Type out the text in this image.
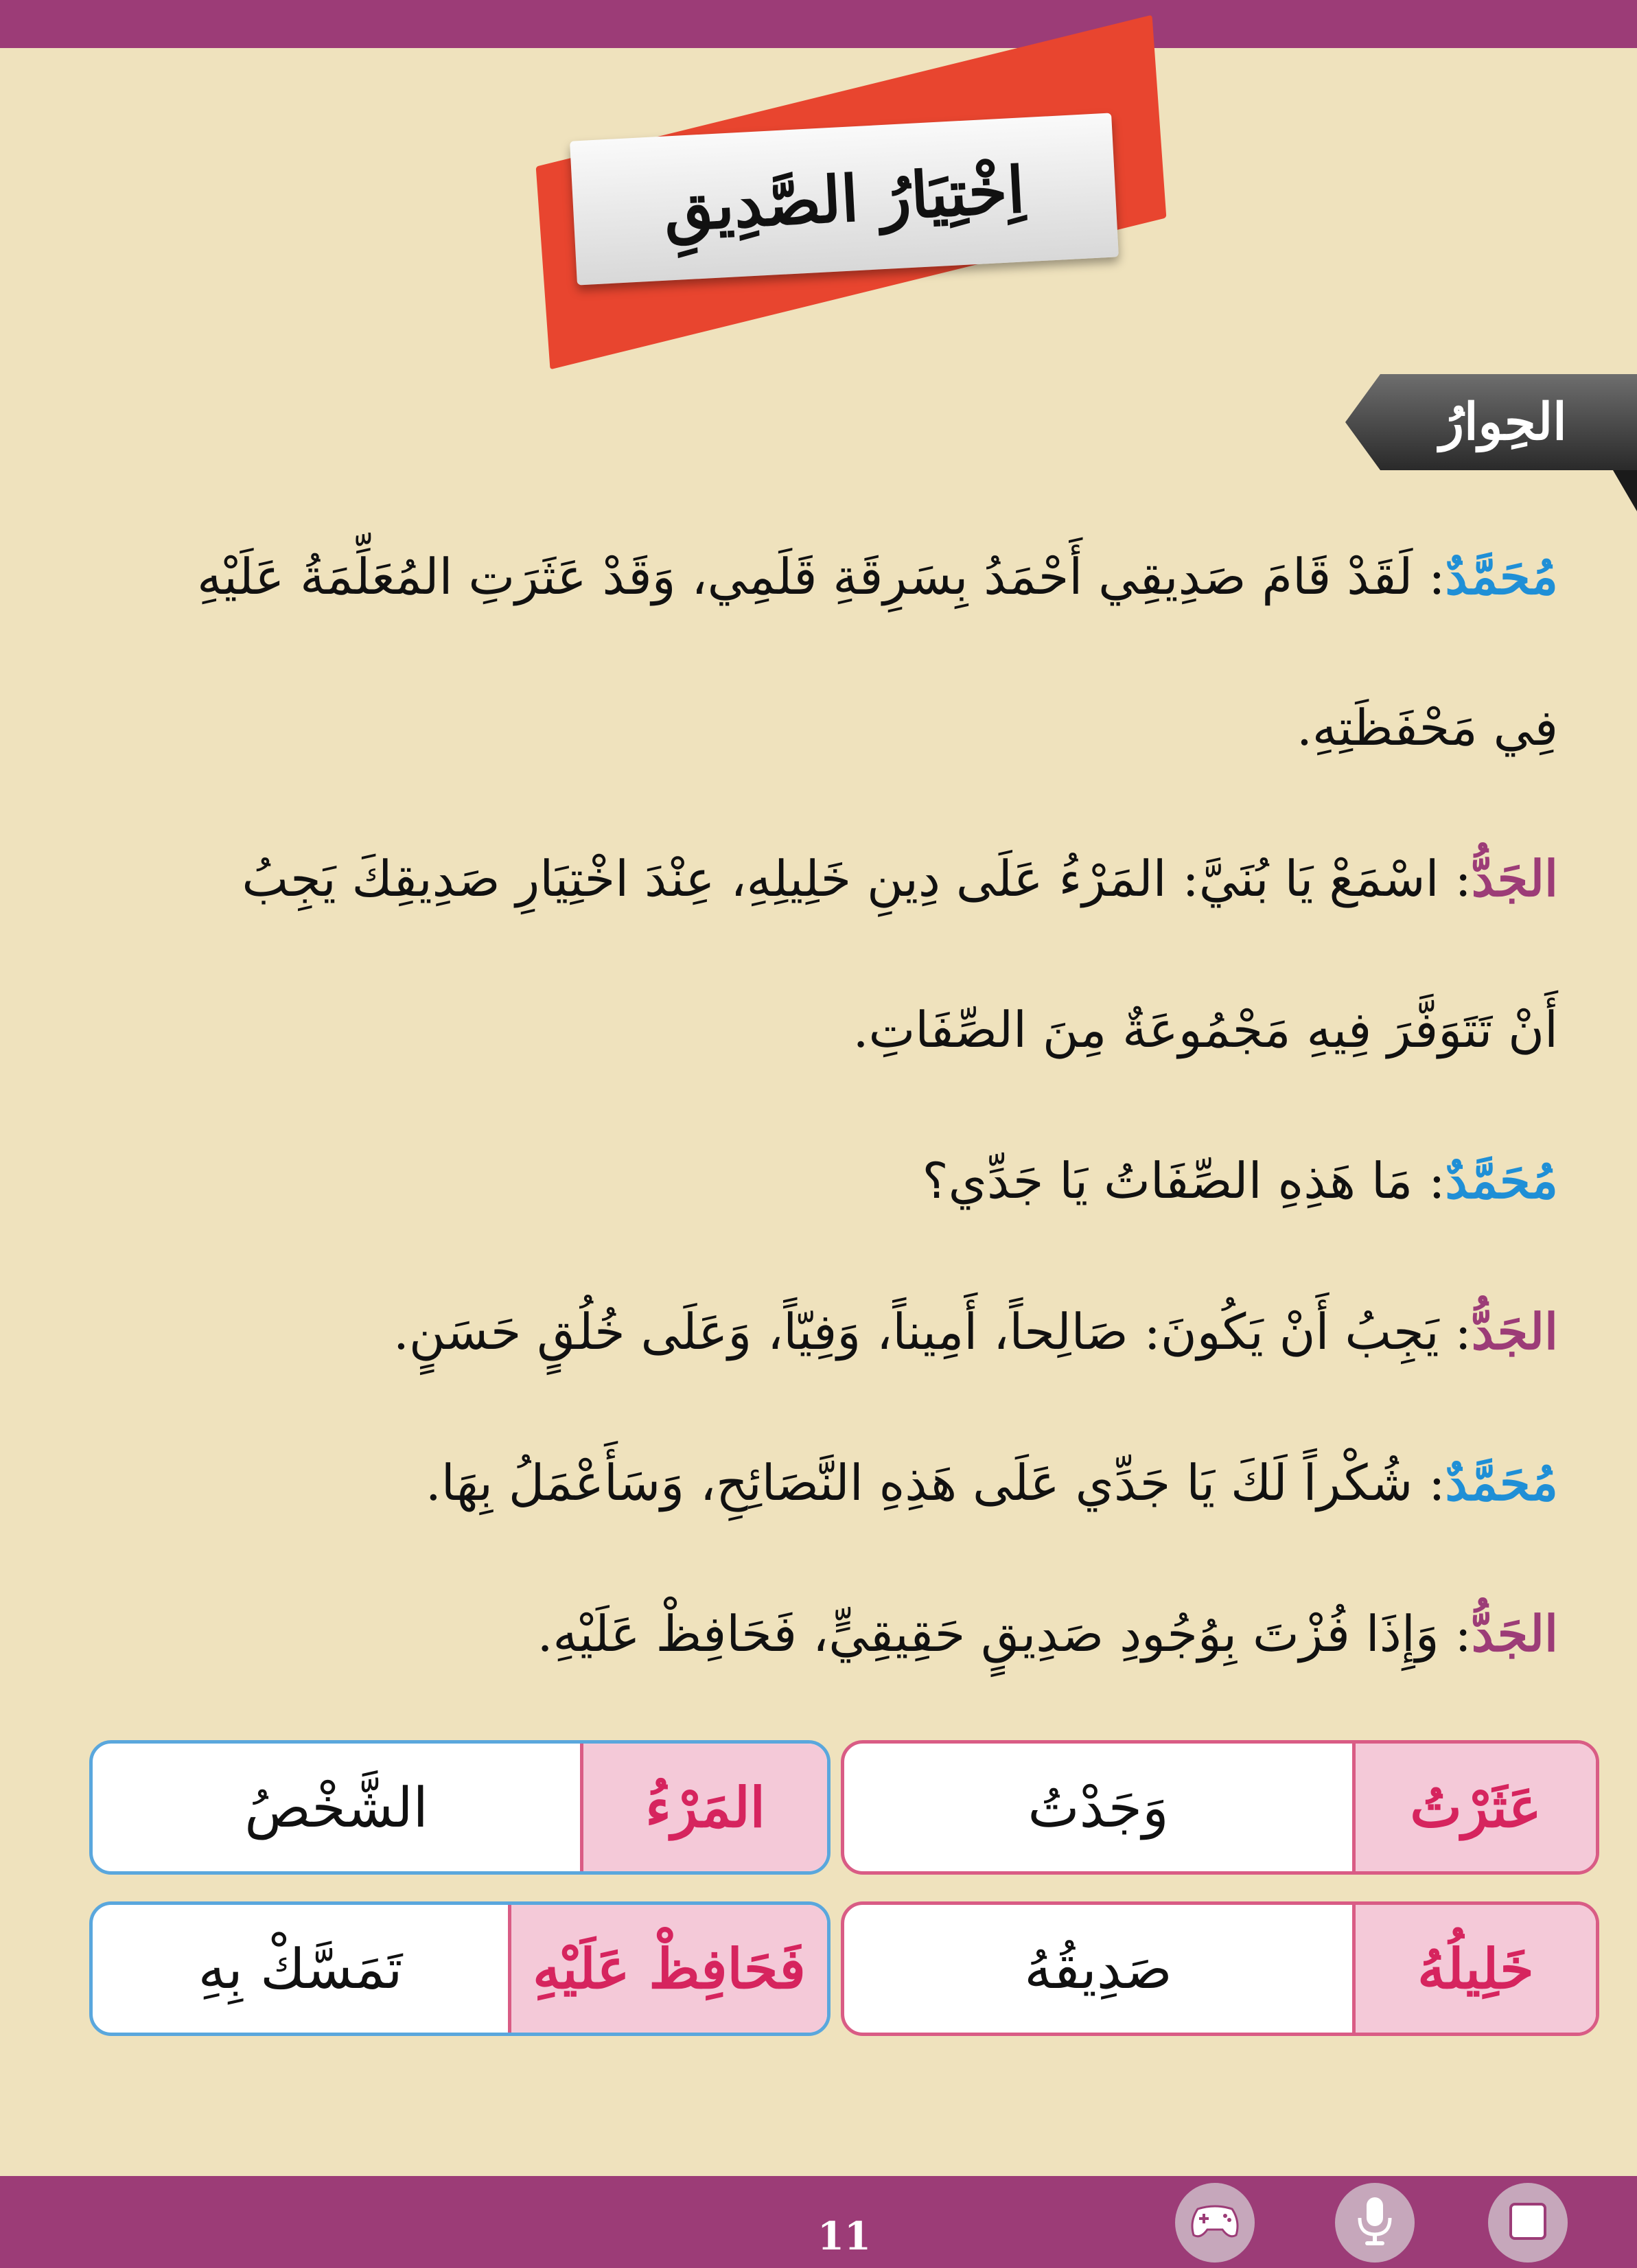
اِخْتِيَارُ الصَّدِيقِ
الحِوارُ
مُحَمَّدٌ: لَقَدْ قَامَ صَدِيقِي أَحْمَدُ بِسَرِقَةِ قَلَمِي، وَقَدْ عَثَرَتِ المُعَلِّمَةُ عَلَيْهِ
فِي مَحْفَظَتِهِ.
الجَدُّ: اسْمَعْ يَا بُنَيَّ: المَرْءُ عَلَى دِينِ خَلِيلِهِ، عِنْدَ اخْتِيَارِ صَدِيقِكَ يَجِبُ
أَنْ تَتَوَفَّرَ فِيهِ مَجْمُوعَةٌ مِنَ الصِّفَاتِ.
مُحَمَّدٌ: مَا هَذِهِ الصِّفَاتُ يَا جَدِّي؟
الجَدُّ: يَجِبُ أَنْ يَكُونَ: صَالِحاً، أَمِيناً، وَفِيّاً، وَعَلَى خُلُقٍ حَسَنٍ.
مُحَمَّدٌ: شُكْراً لَكَ يَا جَدِّي عَلَى هَذِهِ النَّصَائِحِ، وَسَأَعْمَلُ بِهَا.
الجَدُّ: وَإِذَا فُزْتَ بِوُجُودِ صَدِيقٍ حَقِيقِيٍّ، فَحَافِظْ عَلَيْهِ.
عَثَرْتُ
وَجَدْتُ
المَرْءُ
الشَّخْصُ
خَلِيلُهُ
صَدِيقُهُ
فَحَافِظْ عَلَيْهِ
تَمَسَّكْ بِهِ
11
